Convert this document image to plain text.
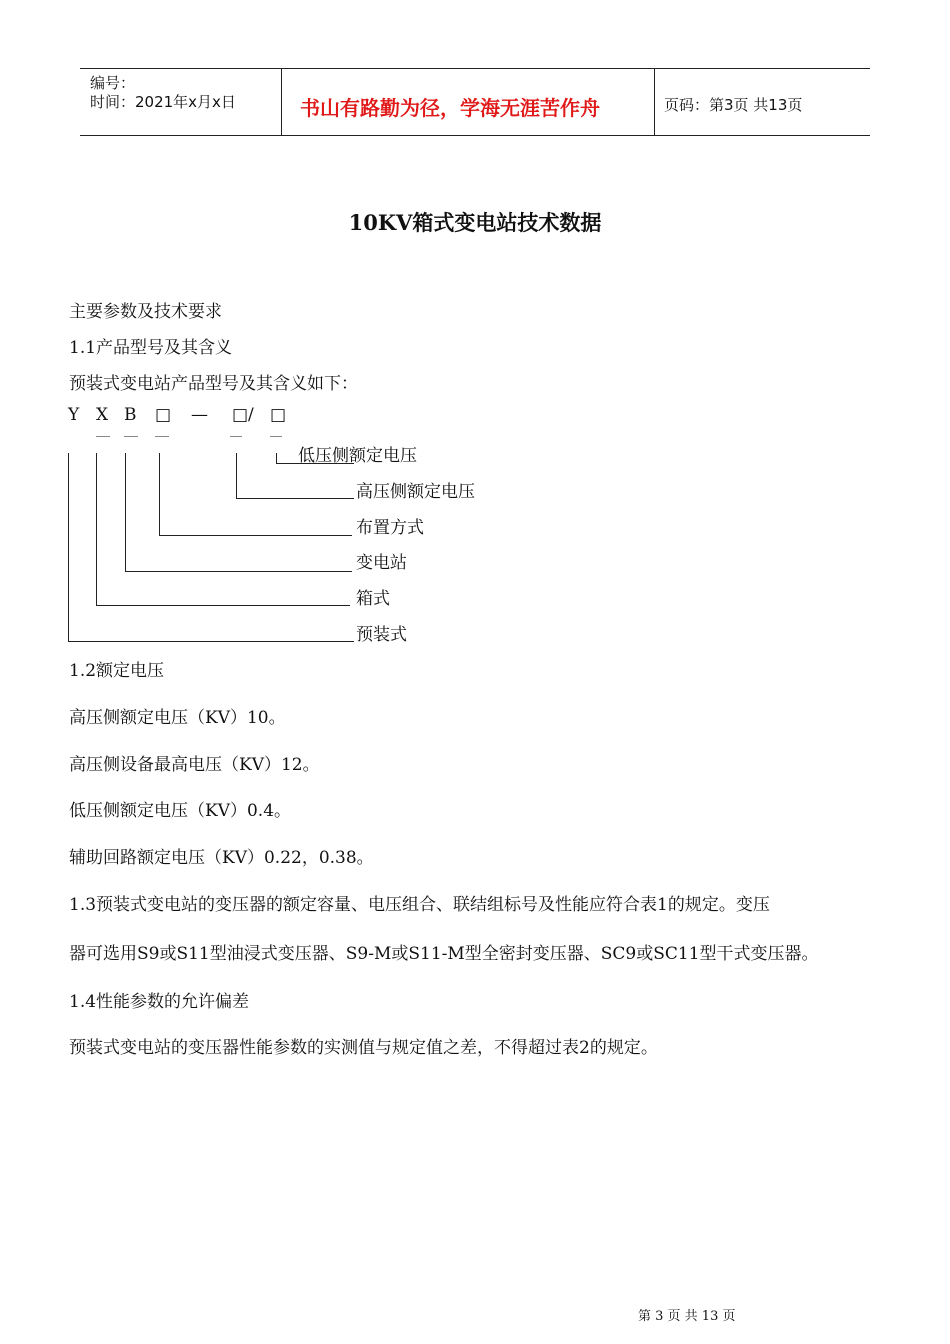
编号：
时间：2021年x月x日	书山有路勤为径，学海无涯苦作舟	页码：第3页 共13页
10KV箱式变电站技术数据
主要参数及技术要求
1.1产品型号及其含义
预装式变电站产品型号及其含义如下：
Y X B □ — □/ □
低压侧额定电压
高压侧额定电压
布置方式
变电站
箱式
预装式
1.2额定电压
高压侧额定电压（KV）10。
高压侧设备最高电压（KV）12。
低压侧额定电压（KV）0.4。
辅助回路额定电压（KV）0.22，0.38。
1.3预装式变电站的变压器的额定容量、电压组合、联结组标号及性能应符合表1的规定。变压
器可选用S9或S11型油浸式变压器、S9-M或S11-M型全密封变压器、SC9或SC11型干式变压器。
1.4性能参数的允许偏差
预装式变电站的变压器性能参数的实测值与规定值之差，不得超过表2的规定。
第 3 页 共 13 页
